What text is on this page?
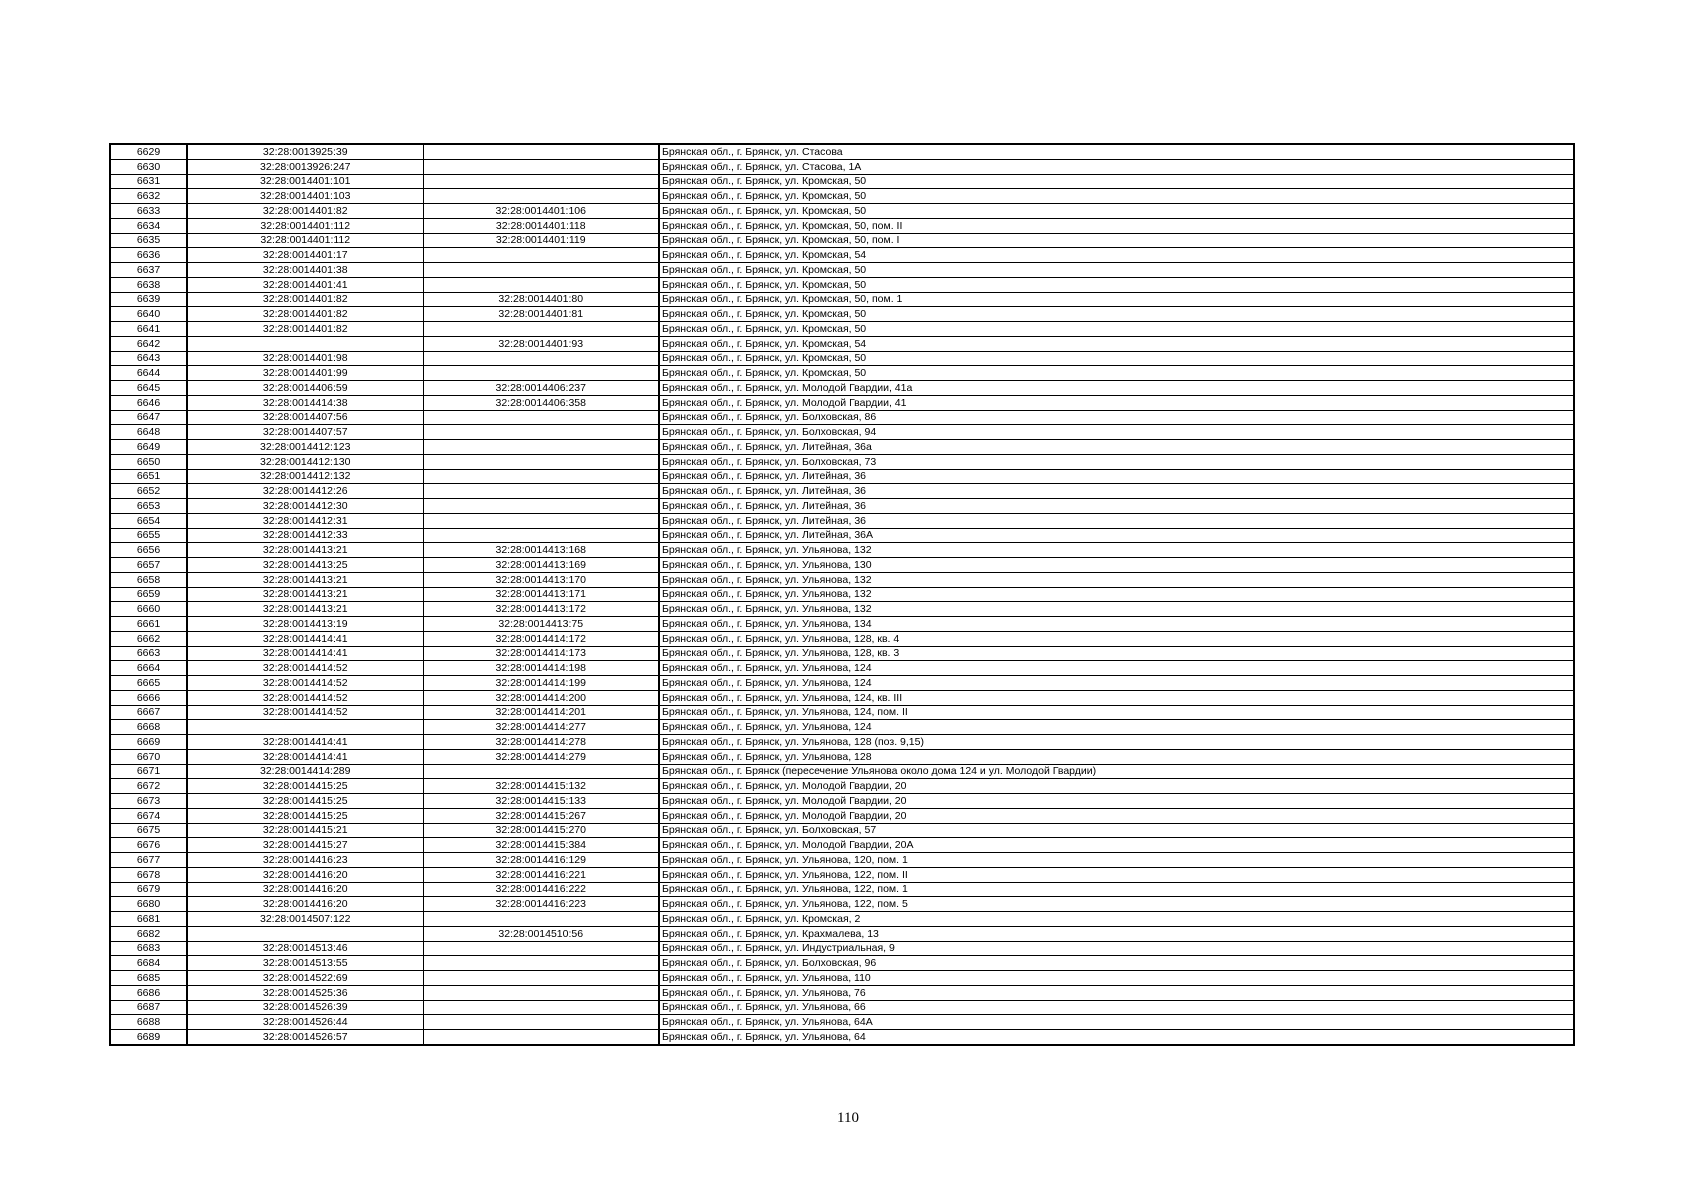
6629	32:28:0013925:39		Брянская обл., г. Брянск, ул. Стасова
6630	32:28:0013926:247		Брянская обл., г. Брянск, ул. Стасова, 1А
6631	32:28:0014401:101		Брянская обл., г. Брянск, ул. Кромская, 50
6632	32:28:0014401:103		Брянская обл., г. Брянск, ул. Кромская, 50
6633	32:28:0014401:82	32:28:0014401:106	Брянская обл., г. Брянск, ул. Кромская, 50
6634	32:28:0014401:112	32:28:0014401:118	Брянская обл., г. Брянск, ул. Кромская, 50, пом. II
6635	32:28:0014401:112	32:28:0014401:119	Брянская обл., г. Брянск, ул. Кромская, 50, пом. I
6636	32:28:0014401:17		Брянская обл., г. Брянск, ул. Кромская, 54
6637	32:28:0014401:38		Брянская обл., г. Брянск, ул. Кромская, 50
6638	32:28:0014401:41		Брянская обл., г. Брянск, ул. Кромская, 50
6639	32:28:0014401:82	32:28:0014401:80	Брянская обл., г. Брянск, ул. Кромская, 50, пом. 1
6640	32:28:0014401:82	32:28:0014401:81	Брянская обл., г. Брянск, ул. Кромская, 50
6641	32:28:0014401:82		Брянская обл., г. Брянск, ул. Кромская, 50
6642		32:28:0014401:93	Брянская обл., г. Брянск, ул. Кромская, 54
6643	32:28:0014401:98		Брянская обл., г. Брянск, ул. Кромская, 50
6644	32:28:0014401:99		Брянская обл., г. Брянск, ул. Кромская, 50
6645	32:28:0014406:59	32:28:0014406:237	Брянская обл., г. Брянск, ул. Молодой Гвардии, 41а
6646	32:28:0014414:38	32:28:0014406:358	Брянская обл., г. Брянск, ул. Молодой Гвардии, 41
6647	32:28:0014407:56		Брянская обл., г. Брянск, ул. Болховская, 86
6648	32:28:0014407:57		Брянская обл., г. Брянск, ул. Болховская, 94
6649	32:28:0014412:123		Брянская обл., г. Брянск, ул. Литейная, 36а
6650	32:28:0014412:130		Брянская обл., г. Брянск, ул. Болховская, 73
6651	32:28:0014412:132		Брянская обл., г. Брянск, ул. Литейная, 36
6652	32:28:0014412:26		Брянская обл., г. Брянск, ул. Литейная, 36
6653	32:28:0014412:30		Брянская обл., г. Брянск, ул. Литейная, 36
6654	32:28:0014412:31		Брянская обл., г. Брянск, ул. Литейная, 36
6655	32:28:0014412:33		Брянская обл., г. Брянск, ул. Литейная, 36А
6656	32:28:0014413:21	32:28:0014413:168	Брянская обл., г. Брянск, ул. Ульянова, 132
6657	32:28:0014413:25	32:28:0014413:169	Брянская обл., г. Брянск, ул. Ульянова, 130
6658	32:28:0014413:21	32:28:0014413:170	Брянская обл., г. Брянск, ул. Ульянова, 132
6659	32:28:0014413:21	32:28:0014413:171	Брянская обл., г. Брянск, ул. Ульянова, 132
6660	32:28:0014413:21	32:28:0014413:172	Брянская обл., г. Брянск, ул. Ульянова, 132
6661	32:28:0014413:19	32:28:0014413:75	Брянская обл., г. Брянск, ул. Ульянова, 134
6662	32:28:0014414:41	32:28:0014414:172	Брянская обл., г. Брянск, ул. Ульянова, 128, кв. 4
6663	32:28:0014414:41	32:28:0014414:173	Брянская обл., г. Брянск, ул. Ульянова, 128, кв. 3
6664	32:28:0014414:52	32:28:0014414:198	Брянская обл., г. Брянск, ул. Ульянова, 124
6665	32:28:0014414:52	32:28:0014414:199	Брянская обл., г. Брянск, ул. Ульянова, 124
6666	32:28:0014414:52	32:28:0014414:200	Брянская обл., г. Брянск, ул. Ульянова, 124, кв. III
6667	32:28:0014414:52	32:28:0014414:201	Брянская обл., г. Брянск, ул. Ульянова, 124, пом. II
6668		32:28:0014414:277	Брянская обл., г. Брянск, ул. Ульянова, 124
6669	32:28:0014414:41	32:28:0014414:278	Брянская обл., г. Брянск, ул. Ульянова, 128 (поз. 9,15)
6670	32:28:0014414:41	32:28:0014414:279	Брянская обл., г. Брянск, ул. Ульянова, 128
6671	32:28:0014414:289		Брянская обл., г. Брянск (пересечение Ульянова около дома 124 и ул. Молодой Гвардии)
6672	32:28:0014415:25	32:28:0014415:132	Брянская обл., г. Брянск, ул. Молодой Гвардии, 20
6673	32:28:0014415:25	32:28:0014415:133	Брянская обл., г. Брянск, ул. Молодой Гвардии, 20
6674	32:28:0014415:25	32:28:0014415:267	Брянская обл., г. Брянск, ул. Молодой Гвардии, 20
6675	32:28:0014415:21	32:28:0014415:270	Брянская обл., г. Брянск, ул. Болховская, 57
6676	32:28:0014415:27	32:28:0014415:384	Брянская обл., г. Брянск, ул. Молодой Гвардии, 20А
6677	32:28:0014416:23	32:28:0014416:129	Брянская обл., г. Брянск, ул. Ульянова, 120, пом. 1
6678	32:28:0014416:20	32:28:0014416:221	Брянская обл., г. Брянск, ул. Ульянова, 122, пом. II
6679	32:28:0014416:20	32:28:0014416:222	Брянская обл., г. Брянск, ул. Ульянова, 122, пом. 1
6680	32:28:0014416:20	32:28:0014416:223	Брянская обл., г. Брянск, ул. Ульянова, 122, пом. 5
6681	32:28:0014507:122		Брянская обл., г. Брянск, ул. Кромская, 2
6682		32:28:0014510:56	Брянская обл., г. Брянск, ул. Крахмалева, 13
6683	32:28:0014513:46		Брянская обл., г. Брянск, ул. Индустриальная, 9
6684	32:28:0014513:55		Брянская обл., г. Брянск, ул. Болховская, 96
6685	32:28:0014522:69		Брянская обл., г. Брянск, ул. Ульянова, 110
6686	32:28:0014525:36		Брянская обл., г. Брянск, ул. Ульянова, 76
6687	32:28:0014526:39		Брянская обл., г. Брянск, ул. Ульянова, 66
6688	32:28:0014526:44		Брянская обл., г. Брянск, ул. Ульянова, 64А
6689	32:28:0014526:57		Брянская обл., г. Брянск, ул. Ульянова, 64
110
